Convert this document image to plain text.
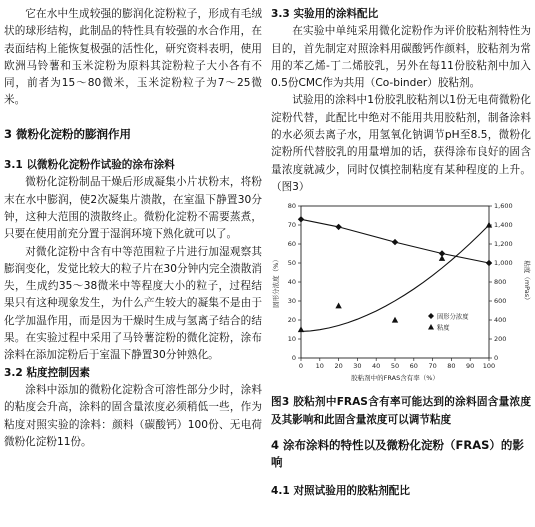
它在水中生成较强的膨润化淀粉粒子，形成有毛绒状的球形结构，此制品的特性具有较强的水合作用，在表面结构上能恢复极强的活性化，研究资料表明，使用欧洲马铃薯和玉米淀粉为原料其淀粉粒子大小各有不同，前者为15～80微米，玉米淀粉粒子为7～25微米。

3 微粉化淀粉的膨润作用

3.1 以微粉化淀粉作试验的涂布涂料

微粉化淀粉制品干燥后形成凝集小片状粉末，将粉末在水中膨润，使2次凝集片溃散，在室温下静置30分钟，这种大范围的溃散终止。微粉化淀粉不需要蒸煮，只要在使用前充分置于湿润环境下熟化就可以了。

对微化淀粉中含有中等范围粒子片进行加湿观察其膨润变化，发觉比较大的粒子片在30分钟内完全溃散消失，生成约35～38微米中等程度大小的粒子，过程结果只有这种现象发生，为什么产生较大的凝集不是由于化学加温作用，而是因为干燥时生成与氢离子结合的结果。在实验过程中采用了马铃薯淀粉的微化淀粉，涂布涂料在添加淀粉后于室温下静置30分钟熟化。

3.2 粘度控制因素

涂料中添加的微粉化淀粉含可溶性部分少时，涂料的粘度会升高，涂料的固含量浓度必须稍低一些，作为粘度对照实验的涂料：颜料（碳酸钙）100份、无电荷微粉化淀粉11份。

3.3 实验用的涂料配比

在实验中单纯采用微化淀粉作为评价胶粘剂特性为目的，首先制定对照涂料用碳酸钙作颜料，胶粘剂为常用的苯乙烯-丁二烯胶乳，另外在每11份胶粘剂中加入0.5份CMC作为共用（Co-binder）胶粘剂。

试验用的涂料中1份胶乳胶粘剂以1份无电荷微粉化淀粉代替，此配比中绝对不能用共用胶粘剂，制备涂料的水必须去离子水，用氢氧化钠调节pH至8.5，微粉化淀粉所代替胶乳的用量增加的话，获得涂布良好的固含量浓度就减少，同时仅慎控制粘度有某种程度的上升。（图3）

0
10
20
30
40
50
60
70
80
0
200
400
600
800
1,000
1,200
1,400
1,600
0 10 20 30 40 50 60 70 80 90 100
胶粘剂中的FRAS含有率（%）
固形分浓度（%）	粘度（mPas）
固形分浓度
粘度

图3 胶粘剂中FRAS含有率可能达到的涂料固含量浓度及其影响和此固含量浓度可以调节粘度

4 涂布涂料的特性以及微粉化淀粉（FRAS）的影响

4.1 对照试验用的胶粘剂配比
